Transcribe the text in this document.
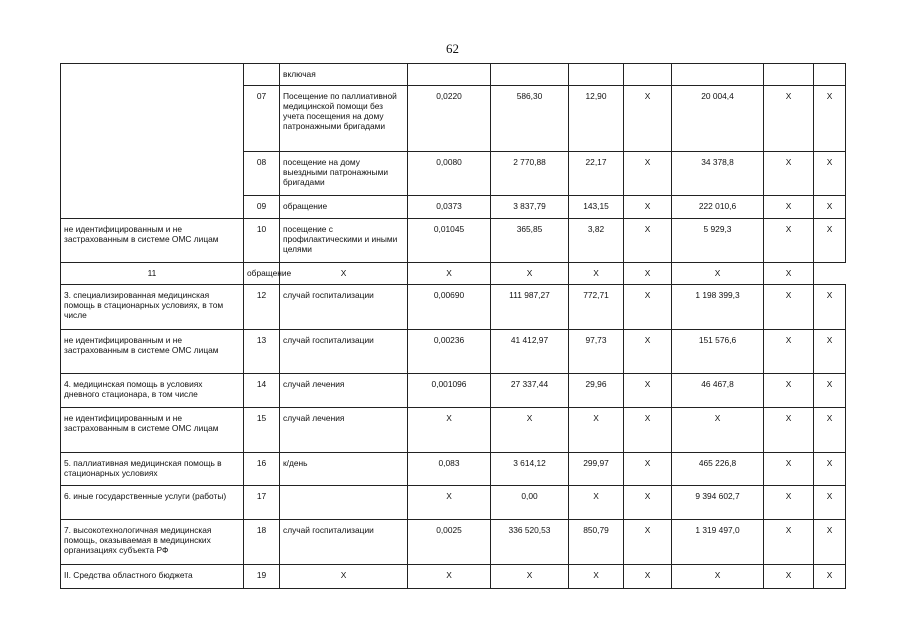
62
		включая							
	07	Посещение по паллиативной медицинской помощи без учета посещения на дому патронажными бригадами	0,0220	586,30	12,90	X	20 004,4	X	X
	08	посещение на дому выездными патронажными бригадами	0,0080	2 770,88	22,17	X	34 378,8	X	X
	09	обращение	0,0373	3 837,79	143,15	X	222 010,6	X	X
не идентифицированным и не застрахованным в системе ОМС лицам	10	посещение с профилактическими и иными целями	0,01045	365,85	3,82	X	5 929,3	X	X
11	обращение	X	X	X	X	X	X	X	
3. специализированная медицинская помощь в стационарных условиях, в том числе	12	случай госпитализации	0,00690	111 987,27	772,71	X	1 198 399,3	X	X
не идентифицированным и не застрахованным в системе ОМС лицам	13	случай госпитализации	0,00236	41 412,97	97,73	X	151 576,6	X	X
4. медицинская помощь в условиях дневного стационара, в том числе	14	случай лечения	0,001096	27 337,44	29,96	X	46 467,8	X	X
не идентифицированным и не застрахованным в системе ОМС лицам	15	случай лечения	X	X	X	X	X	X	X
5. паллиативная медицинская помощь в стационарных условиях	16	к/день	0,083	3 614,12	299,97	X	465 226,8	X	X
6. иные государственные услуги (работы)	17		X	0,00	X	X	9 394 602,7	X	X
7. высокотехнологичная медицинская помощь, оказываемая в медицинских организациях субъекта РФ	18	случай госпитализации	0,0025	336 520,53	850,79	X	1 319 497,0	X	X
II. Средства областного бюджета	19	X	X	X	X	X	X	X	X
